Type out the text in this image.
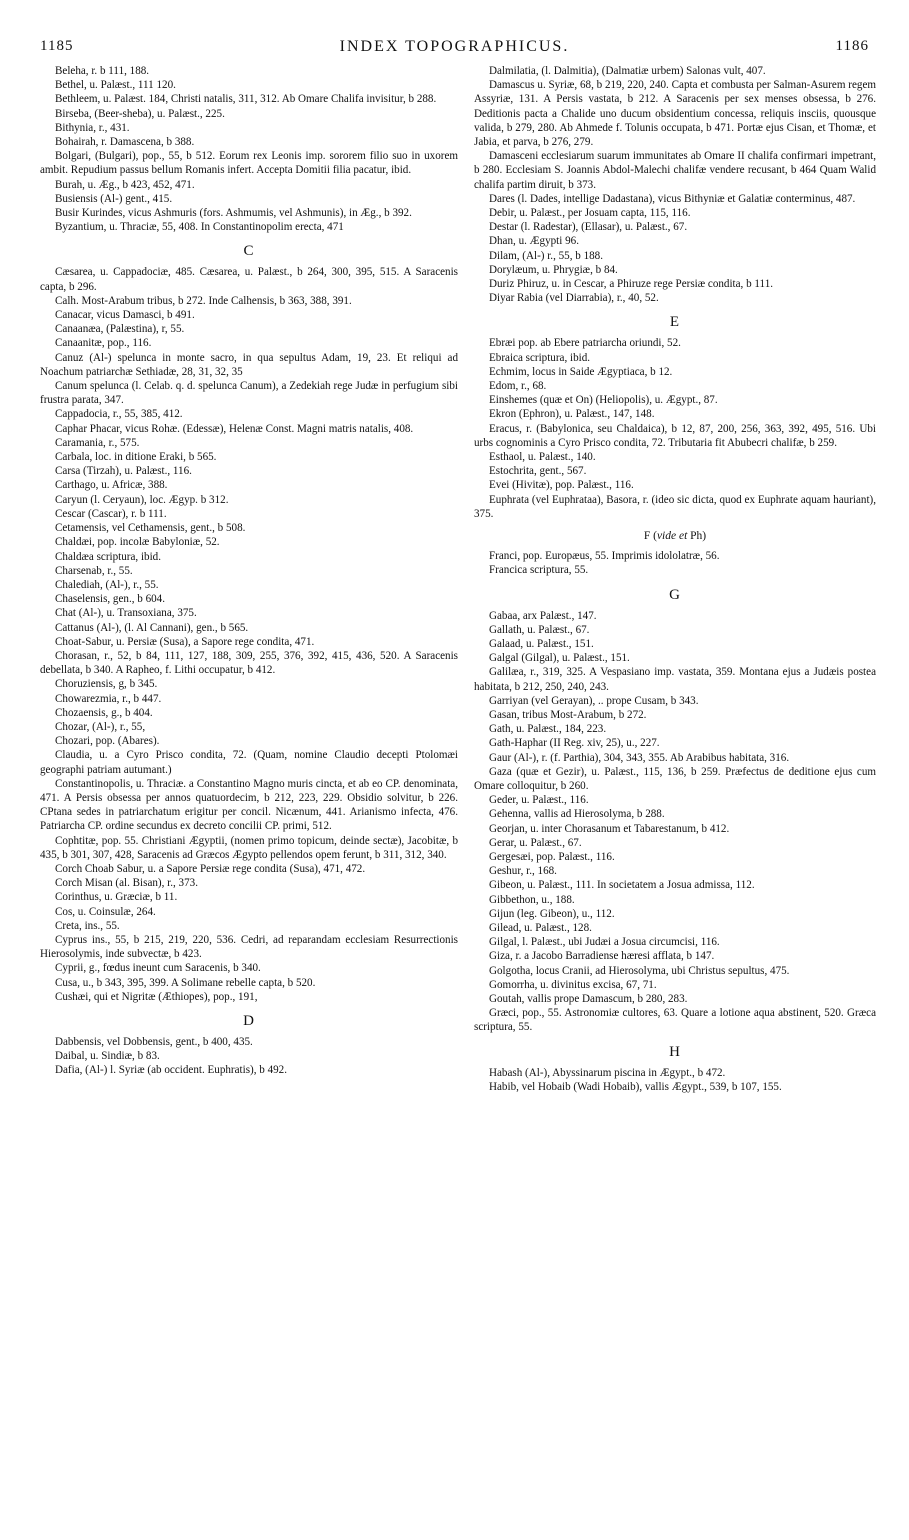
1185	INDEX TOPOGRAPHICUS.	1186

Beleha, r. b 111, 188.

Bethel, u. Palæst., 111 120.

Bethleem, u. Palæst. 184, Christi natalis, 311, 312. Ab Omare Chalifa invisitur, b 288.

Birseba, (Beer-sheba), u. Palæst., 225.

Bithynia, r., 431.

Bohairah, r. Damascena, b 388.

Bolgari, (Bulgari), pop., 55, b 512. Eorum rex Leonis imp. sororem filio suo in uxorem ambit. Repudium passus bellum Romanis infert. Accepta Domitii filia pacatur, ibid.

Burah, u. Æg., b 423, 452, 471.

Busiensis (Al-) gent., 415.

Busir Kurindes, vicus Ashmuris (fors. Ashmumis, vel Ashmunis), in Æg., b 392.

Byzantium, u. Thraciæ, 55, 408. In Constantinopolim erecta, 471

C

Cæsarea, u. Cappadociæ, 485. Cæsarea, u. Palæst., b 264, 300, 395, 515. A Saracenis capta, b 296.

Calh. Most-Arabum tribus, b 272. Inde Calhensis, b 363, 388, 391.

Canacar, vicus Damasci, b 491.

Canaanæa, (Palæstina), r, 55.

Canaanitæ, pop., 116.

Canuz (Al-) spelunca in monte sacro, in qua sepultus Adam, 19, 23. Et reliqui ad Noachum patriarchæ Sethiadæ, 28, 31, 32, 35

Canum spelunca (l. Celab. q. d. spelunca Canum), a Zedekiah rege Judæ in perfugium sibi frustra parata, 347.

Cappadocia, r., 55, 385, 412.

Caphar Phacar, vicus Rohæ. (Edessæ), Helenæ Const. Magni matris natalis, 408.

Caramania, r., 575.

Carbala, loc. in ditione Eraki, b 565.

Carsa (Tirzah), u. Palæst., 116.

Carthago, u. Africæ, 388.

Caryun (l. Ceryaun), loc. Ægyp. b 312.

Cescar (Cascar), r. b 111.

Cetamensis, vel Cethamensis, gent., b 508.

Chaldæi, pop. incolæ Babyloniæ, 52.

Chaldæa scriptura, ibid.

Charsenab, r., 55.

Chalediah, (Al-), r., 55.

Chaselensis, gen., b 604.

Chat (Al-), u. Transoxiana, 375.

Cattanus (Al-), (l. Al Cannani), gen., b 565.

Choat-Sabur, u. Persiæ (Susa), a Sapore rege condita, 471.

Chorasan, r., 52, b 84, 111, 127, 188, 309, 255, 376, 392, 415, 436, 520. A Saracenis debellata, b 340. A Rapheo, f. Lithi occupatur, b 412.

Choruziensis, g, b 345.

Chowarezmia, r., b 447.

Chozaensis, g., b 404.

Chozar, (Al-), r., 55,

Chozari, pop. (Abares).

Claudia, u. a Cyro Prisco condita, 72. (Quam, nomine Claudio decepti Ptolomæi geographi patriam autumant.)

Constantinopolis, u. Thraciæ. a Constantino Magno muris cincta, et ab eo CP. denominata, 471. A Persis obsessa per annos quatuordecim, b 212, 223, 229. Obsidio solvitur, b 226. CPtana sedes in patriarchatum erigitur per concil. Nicænum, 441. Arianismo infecta, 476. Patriarcha CP. ordine secundus ex decreto concilii CP. primi, 512.

Cophtitæ, pop. 55. Christiani Ægyptii, (nomen primo topicum, deinde sectæ), Jacobitæ, b 435, b 301, 307, 428, Saracenis ad Græcos Ægypto pellendos opem ferunt, b 311, 312, 340.

Corch Choab Sabur, u. a Sapore Persiæ rege condita (Susa), 471, 472.

Corch Misan (al. Bisan), r., 373.

Corinthus, u. Græciæ, b 11.

Cos, u. Coinsulæ, 264.

Creta, ins., 55.

Cyprus ins., 55, b 215, 219, 220, 536. Cedri, ad reparandam ecclesiam Resurrectionis Hierosolymis, inde subvectæ, b 423.

Cyprii, g., fœdus ineunt cum Saracenis, b 340.

Cusa, u., b 343, 395, 399. A Solimane rebelle capta, b 520.

Cushæi, qui et Nigritæ (Æthiopes), pop., 191,

D

Dabbensis, vel Dobbensis, gent., b 400, 435.

Daibal, u. Sindiæ, b 83.

Dafia, (Al-) l. Syriæ (ab occident. Euphratis), b 492.

Dalmilatia, (l. Dalmitia), (Dalmatiæ urbem) Salonas vult, 407.

Damascus u. Syriæ, 68, b 219, 220, 240. Capta et combusta per Salman-Asurem regem Assyriæ, 131. A Persis vastata, b 212. A Saracenis per sex menses obsessa, b 276. Deditionis pacta a Chalide uno ducum obsidentium concessa, reliquis insciis, quousque valida, b 279, 280. Ab Ahmede f. Tolunis occupata, b 471. Portæ ejus Cisan, et Thomæ, et Jabia, et parva, b 276, 279.

Damasceni ecclesiarum suarum immunitates ab Omare II chalifa confirmari impetrant, b 280. Ecclesiam S. Joannis Abdol-Malechi chalifæ vendere recusant, b 464 Quam Walid chalifa partim diruit, b 373.

Dares (l. Dades, intellige Dadastana), vicus Bithyniæ et Galatiæ conterminus, 487.

Debir, u. Palæst., per Josuam capta, 115, 116.

Destar (l. Radestar), (Ellasar), u. Palæst., 67.

Dhan, u. Ægypti 96.

Dilam, (Al-) r., 55, b 188.

Dorylæum, u. Phrygiæ, b 84.

Duriz Phiruz, u. in Cescar, a Phiruze rege Persiæ condita, b 111.

Diyar Rabia (vel Diarrabia), r., 40, 52.

E

Ebræi pop. ab Ebere patriarcha oriundi, 52.

Ebraica scriptura, ibid.

Echmim, locus in Saide Ægyptiaca, b 12.

Edom, r., 68.

Einshemes (quæ et On) (Heliopolis), u. Ægypt., 87.

Ekron (Ephron), u. Palæst., 147, 148.

Eracus, r. (Babylonica, seu Chaldaica), b 12, 87, 200, 256, 363, 392, 495, 516. Ubi urbs cognominis a Cyro Prisco condita, 72. Tributaria fit Abubecri chalifæ, b 259.

Esthaol, u. Palæst., 140.

Estochrita, gent., 567.

Evei (Hivitæ), pop. Palæst., 116.

Euphrata (vel Euphrataa), Basora, r. (ideo sic dicta, quod ex Euphrate aquam hauriant), 375.

F (vide et Ph)

Franci, pop. Europæus, 55. Imprimis idololatræ, 56.

Francica scriptura, 55.

G

Gabaa, arx Palæst., 147.

Gallath, u. Palæst., 67.

Galaad, u. Palæst., 151.

Galgal (Gilgal), u. Palæst., 151.

Galilæa, r., 319, 325. A Vespasiano imp. vastata, 359. Montana ejus a Judæis postea habitata, b 212, 250, 240, 243.

Garriyan (vel Gerayan), .. prope Cusam, b 343.

Gasan, tribus Most-Arabum, b 272.

Gath, u. Palæst., 184, 223.

Gath-Haphar (II Reg. xiv, 25), u., 227.

Gaur (Al-), r. (f. Parthia), 304, 343, 355. Ab Arabibus habitata, 316.

Gaza (quæ et Gezir), u. Palæst., 115, 136, b 259. Præfectus de deditione ejus cum Omare colloquitur, b 260.

Geder, u. Palæst., 116.

Gehenna, vallis ad Hierosolyma, b 288.

Georjan, u. inter Chorasanum et Tabarestanum, b 412.

Gerar, u. Palæst., 67.

Gergesæi, pop. Palæst., 116.

Geshur, r., 168.

Gibeon, u. Palæst., 111. In societatem a Josua admissa, 112.

Gibbethon, u., 188.

Gijun (leg. Gibeon), u., 112.

Gilead, u. Palæst., 128.

Gilgal, l. Palæst., ubi Judæi a Josua circumcisi, 116.

Giza, r. a Jacobo Barradiense hæresi afflata, b 147.

Golgotha, locus Cranii, ad Hierosolyma, ubi Christus sepultus, 475.

Gomorrha, u. divinitus excisa, 67, 71.

Goutah, vallis prope Damascum, b 280, 283.

Græci, pop., 55. Astronomiæ cultores, 63. Quare a lotione aqua abstinent, 520. Græca scriptura, 55.

H

Habash (Al-), Abyssinarum piscina in Ægypt., b 472.

Habib, vel Hobaib (Wadi Hobaib), vallis Ægypt., 539, b 107, 155.
